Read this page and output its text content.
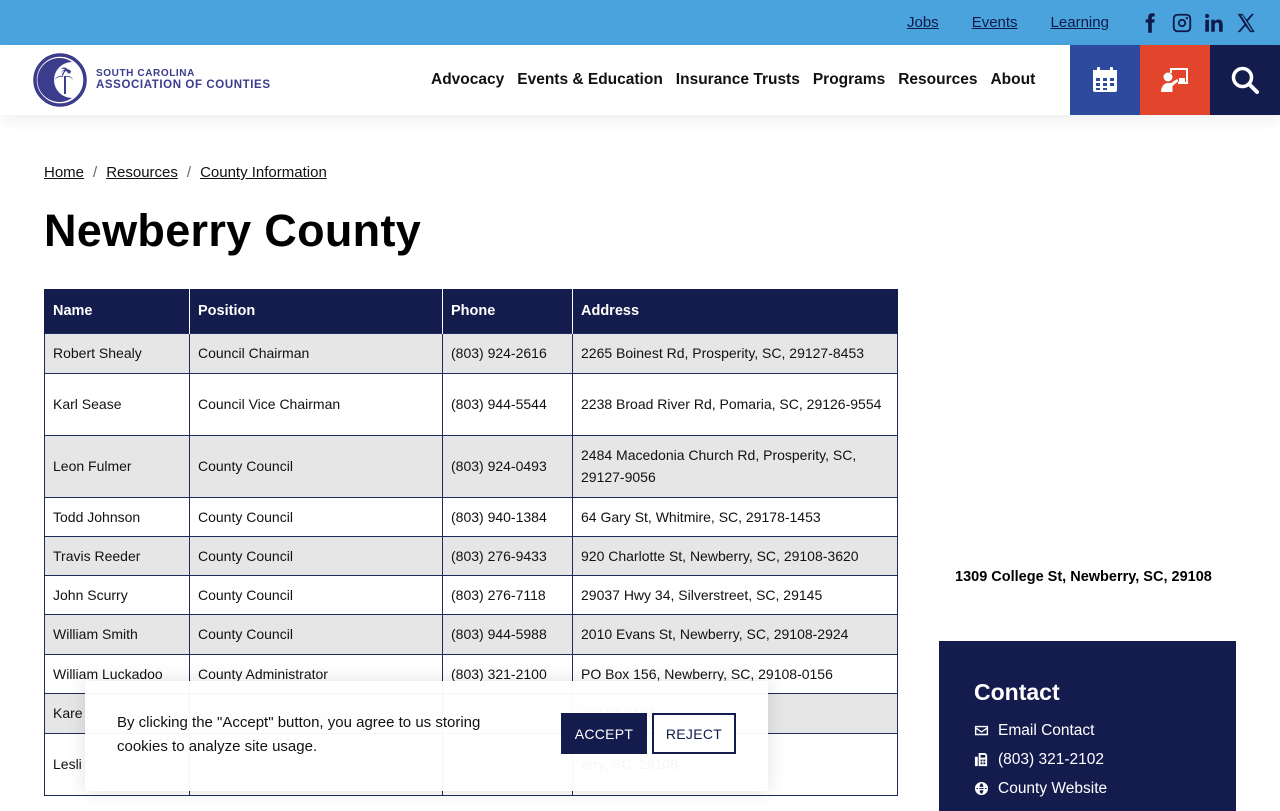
Jobs Events Learning
SOUTH CAROLINA
ASSOCIATION OF COUNTIES	Advocacy Events & Education Insurance Trusts Programs Resources About
Home / Resources / County Information
Newberry County
Name	Position	Phone	Address
Robert Shealy	Council Chairman	(803) 924-2616	2265 Boinest Rd, Prosperity, SC, 29127-8453
Karl Sease	Council Vice Chairman	(803) 944-5544	2238 Broad River Rd, Pomaria, SC, 29126-9554
Leon Fulmer	County Council	(803) 924-0493	2484 Macedonia Church Rd, Prosperity, SC, 29127-9056
Todd Johnson	County Council	(803) 940-1384	64 Gary St, Whitmire, SC, 29178-1453
Travis Reeder	County Council	(803) 276-9433	920 Charlotte St, Newberry, SC, 29108-3620
John Scurry	County Council	(803) 276-7118	29037 Hwy 34, Silverstreet, SC, 29145
William Smith	County Council	(803) 944-5988	2010 Evans St, Newberry, SC, 29108-2924
William Luckadoo	County Administrator	(803) 321-2100	PO Box 156, Newberry, SC, 29108-0156
Kare			
Lesli			
1309 College St, Newberry, SC, 29108
Contact
Email Contact
(803) 321-2102
County Website
By clicking the "Accept" button, you agree to us storing cookies to analyze site usage.
ACCEPT	REJECT
